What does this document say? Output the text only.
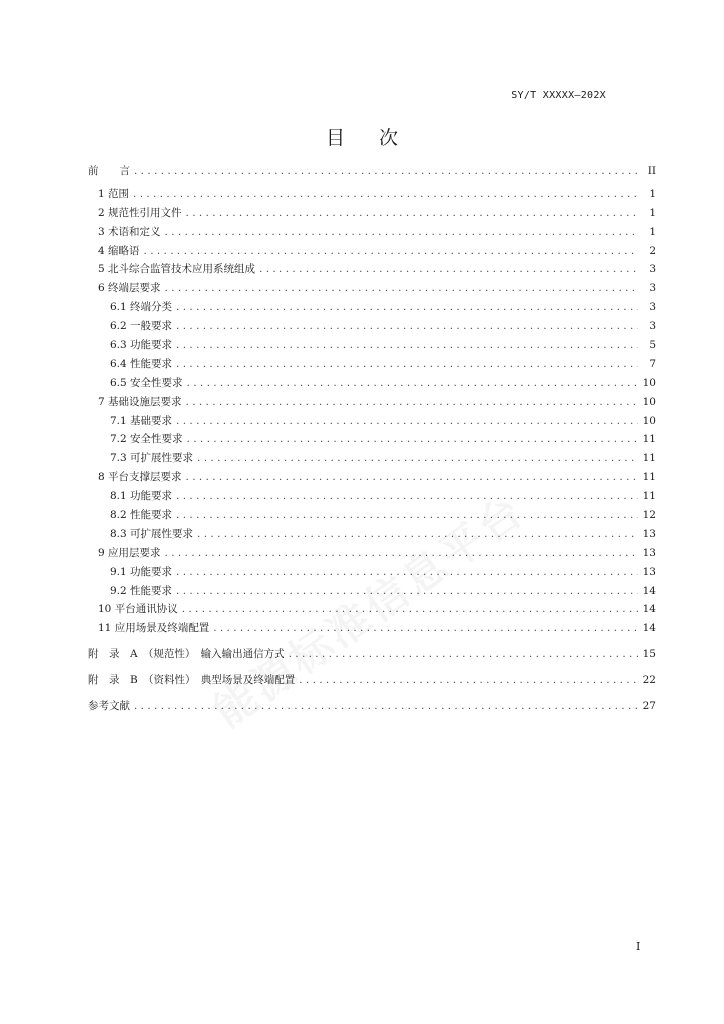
SY/T XXXXX—202X
目 次
前　　言 . . .	II
1 范围 . . .	1
2 规范性引用文件 . . .	1
3 术语和定义 . . .	1
4 缩略语 . . .	2
5 北斗综合监管技术应用系统组成 . . .	3
6 终端层要求 . . .	3
6.1 终端分类 . . .	3
6.2 一般要求 . . .	3
6.3 功能要求 . . .	5
6.4 性能要求 . . .	7
6.5 安全性要求 . . .	10
7 基础设施层要求 . . .	10
7.1 基础要求 . . .	10
7.2 安全性要求 . . .	11
7.3 可扩展性要求 . . .	11
8 平台支撑层要求 . . .	11
8.1 功能要求 . . .	11
8.2 性能要求 . . .	12
8.3 可扩展性要求 . . .	13
9 应用层要求 . . .	13
9.1 功能要求 . . .	13
9.2 性能要求 . . .	14
10 平台通讯协议 . . .	14
11 应用场景及终端配置 . . .	14
附　录　A　（规范性）　输入输出通信方式 . . .	15
附　录　B　（资料性）　典型场景及终端配置 . . .	22
参考文献 . . .	27
I
